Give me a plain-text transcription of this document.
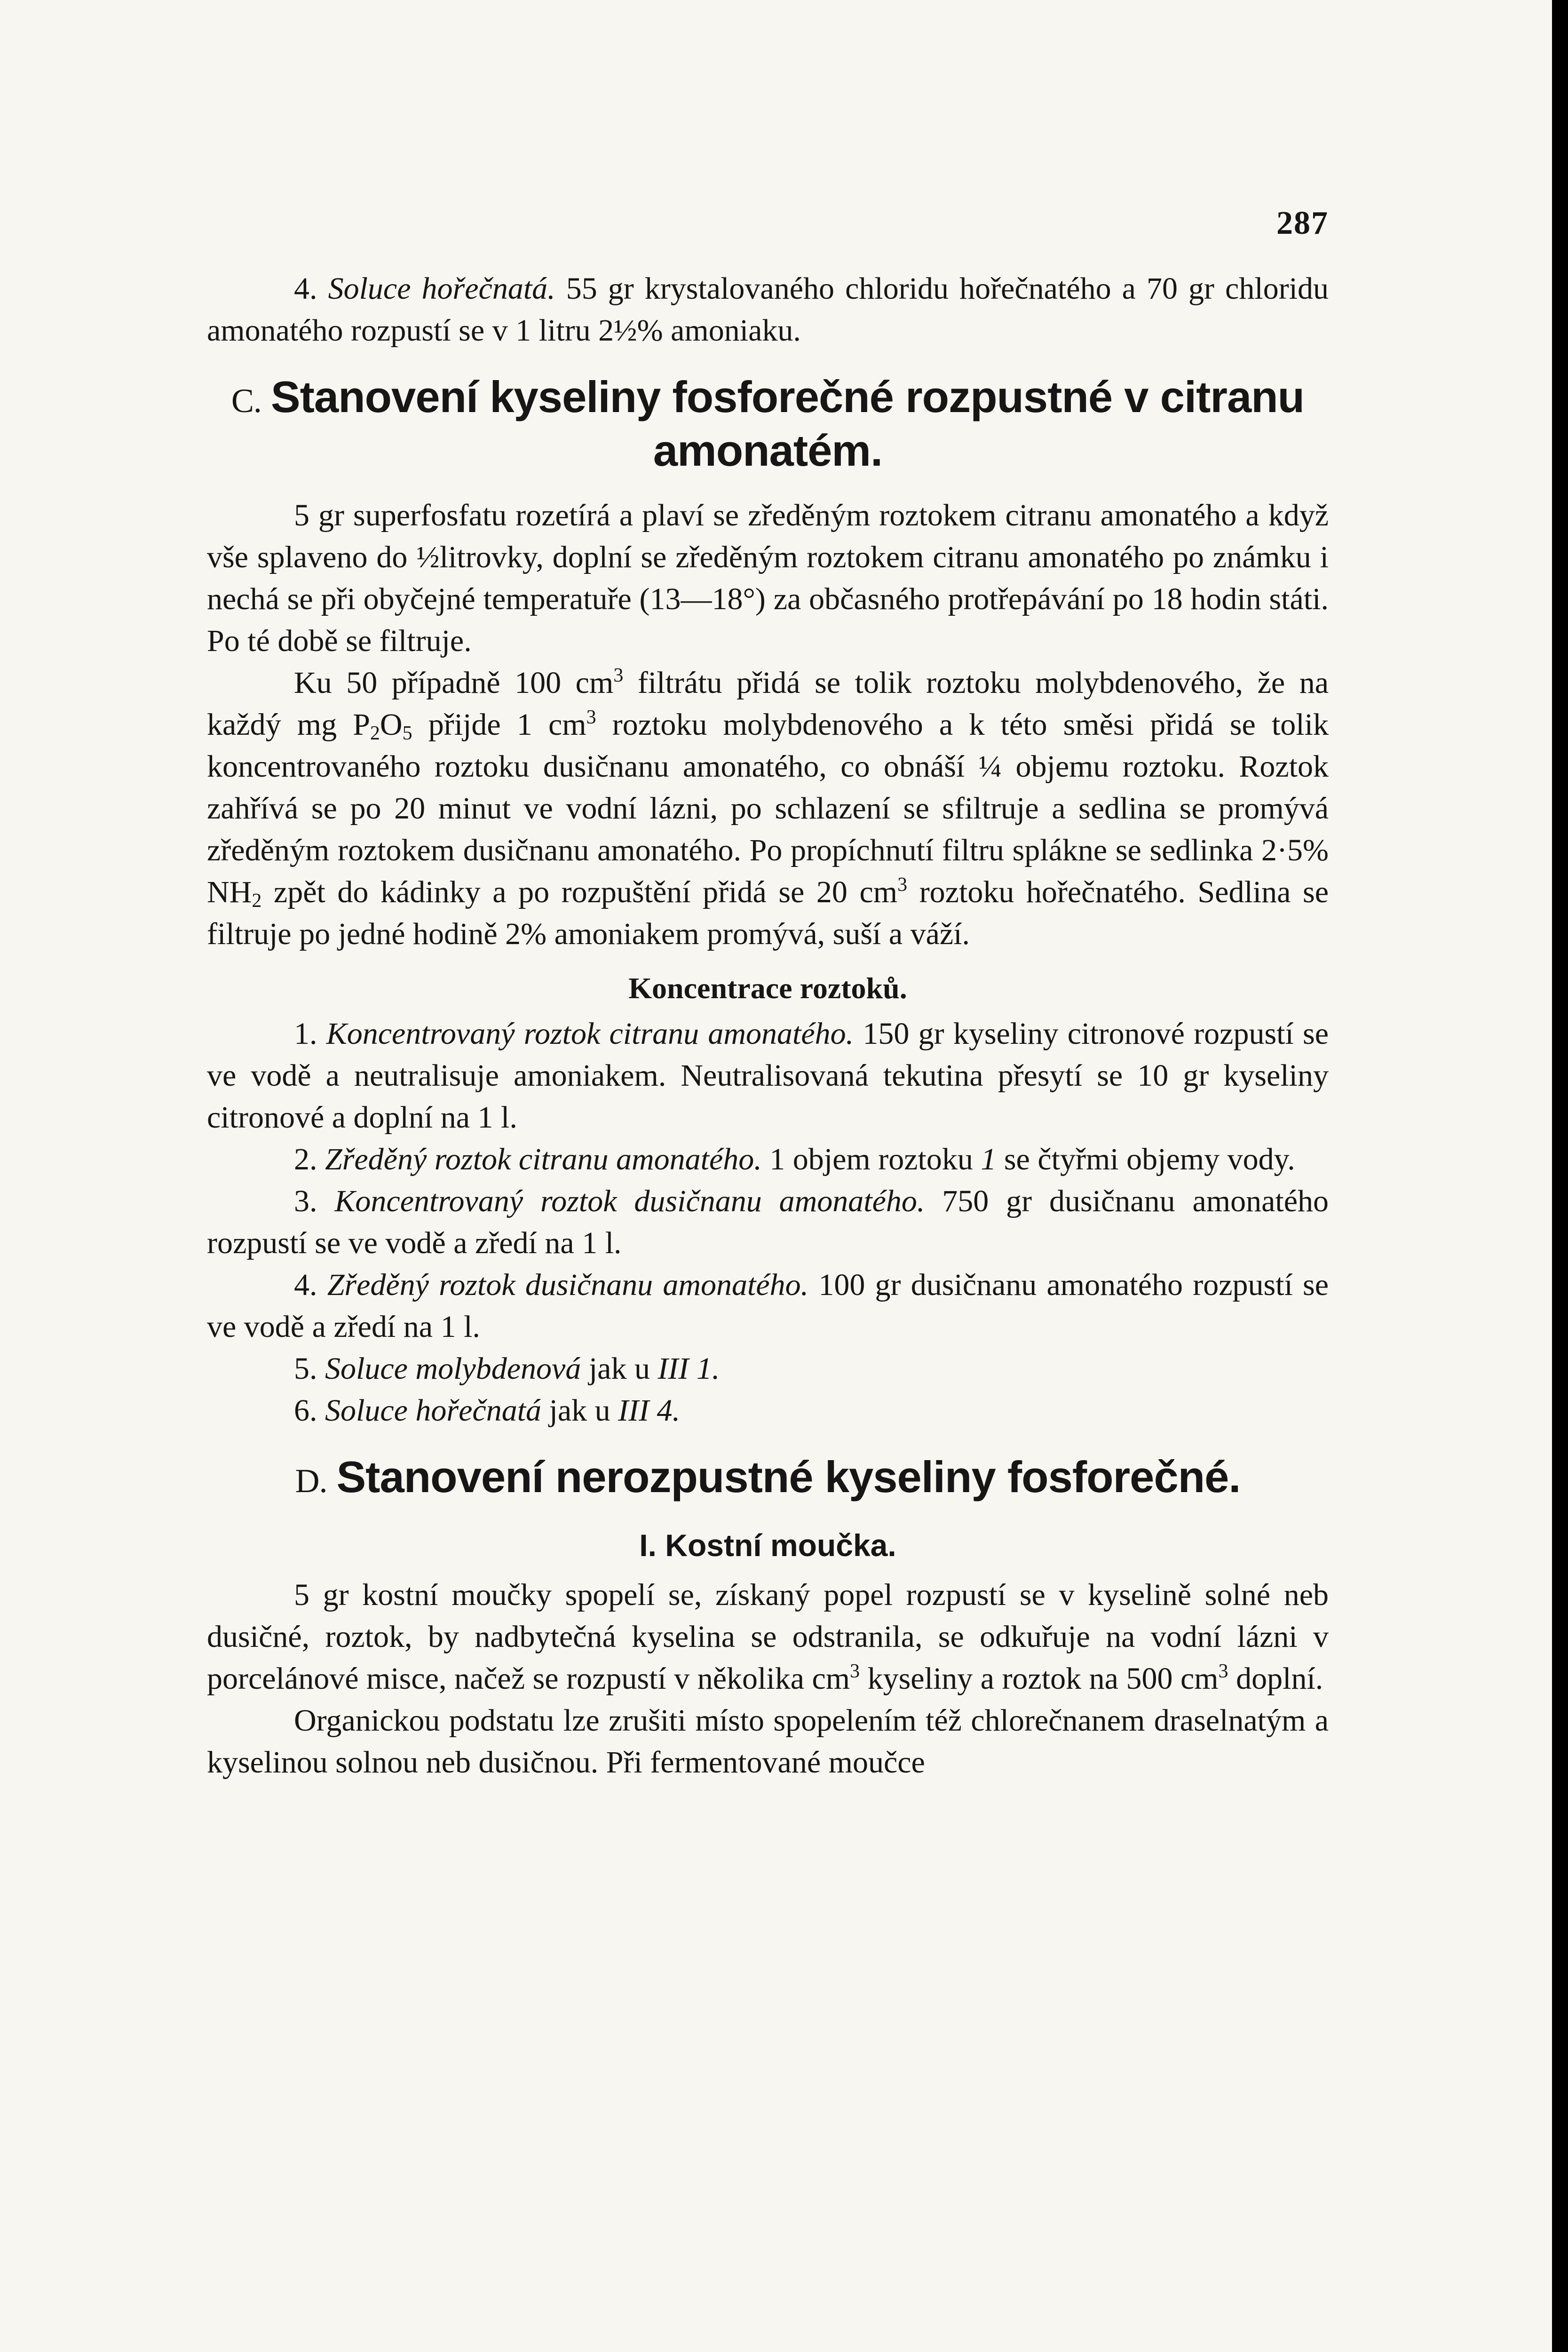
287

4. Soluce hořečnatá. 55 gr krystalovaného chloridu hořečnatého a 70 gr chloridu amonatého rozpustí se v 1 litru 2½% amoniaku.

C. Stanovení kyseliny fosforečné rozpustné v citranu amonatém.

5 gr superfosfatu rozetírá a plaví se zředěným roztokem citranu amonatého a když vše splaveno do ½litrovky, doplní se zředěným roztokem citranu amonatého po známku i nechá se při obyčejné temperatuře (13—18°) za občasného protřepávání po 18 hodin státi. Po té době se filtruje.

Ku 50 případně 100 $cm^3$ filtrátu přidá se tolik roztoku molybdenového, že na každý mg $P_2O_5$ přijde 1 $cm^3$ roztoku molybdenového a k této směsi přidá se tolik koncentrovaného roztoku dusičnanu amonatého, co obnáší ¼ objemu roztoku. Roztok zahřívá se po 20 minut ve vodní lázni, po schlazení se sfiltruje a sedlina se promývá zředěným roztokem dusičnanu amonatého. Po propíchnutí filtru spláknе se sedlinka 2·5% $NH_2$ zpět do kádinky a po rozpuštění přidá se 20 $cm^3$ roztoku hořečnatého. Sedlina se filtruje po jedné hodině 2% amoniakem promývá, suší a váží.

Koncentrace roztoků.

1. Koncentrovaný roztok citranu amonatého. 150 gr kyseliny citronové rozpustí se ve vodě a neutralisuje amoniakem. Neutralisovaná tekutina přesytí se 10 gr kyseliny citronové a doplní na 1 l.

2. Zředěný roztok citranu amonatého. 1 objem roztoku 1 se čtyřmi objemy vody.

3. Koncentrovaný roztok dusičnanu amonatého. 750 gr dusičnanu amonatého rozpustí se ve vodě a zředí na 1 l.

4. Zředěný roztok dusičnanu amonatého. 100 gr dusičnanu amonatého rozpustí se ve vodě a zředí na 1 l.

5. Soluce molybdenová jak u III 1.

6. Soluce hořečnatá jak u III 4.

D. Stanovení nerozpustné kyseliny fosforečné.
I. Kostní moučka.

5 gr kostní moučky spopelí se, získaný popel rozpustí se v kyselině solné neb dusičné, roztok, by nadbytečná kyselina se odstranila, se odkuřuje na vodní lázni v porcelánové misce, načež se rozpustí v několika $cm^3$ kyseliny a roztok na 500 $cm^3$ doplní.

Organickou podstatu lze zrušiti místo spopelením též chlorečnanem draselnatým a kyselinou solnou neb dusičnou. Při fermentované moučce
